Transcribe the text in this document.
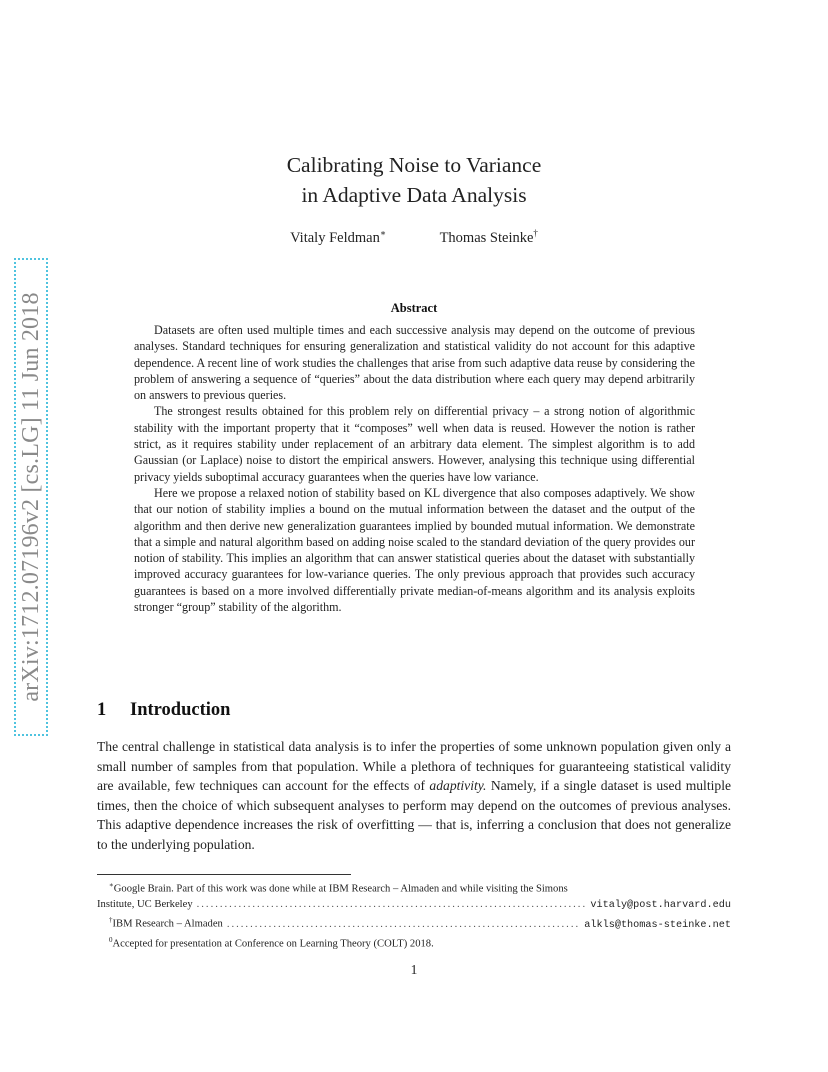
arXiv:1712.07196v2 [cs.LG] 11 Jun 2018
Calibrating Noise to Variance
in Adaptive Data Analysis
Vitaly Feldman∗	Thomas Steinke†
Abstract

Datasets are often used multiple times and each successive analysis may depend on the outcome of previous analyses. Standard techniques for ensuring generalization and statistical validity do not account for this adaptive dependence. A recent line of work studies the challenges that arise from such adaptive data reuse by considering the problem of answering a sequence of “queries” about the data distribution where each query may depend arbitrarily on answers to previous queries.

The strongest results obtained for this problem rely on differential privacy – a strong notion of algorithmic stability with the important property that it “composes” well when data is reused. However the notion is rather strict, as it requires stability under replacement of an arbitrary data element. The simplest algorithm is to add Gaussian (or Laplace) noise to distort the empirical answers. However, analysing this technique using differential privacy yields suboptimal accuracy guarantees when the queries have low variance.

Here we propose a relaxed notion of stability based on KL divergence that also composes adaptively. We show that our notion of stability implies a bound on the mutual information between the dataset and the output of the algorithm and then derive new generalization guarantees implied by bounded mutual information. We demonstrate that a simple and natural algorithm based on adding noise scaled to the standard deviation of the query provides our notion of stability. This implies an algorithm that can answer statistical queries about the dataset with substantially improved accuracy guarantees for low-variance queries. The only previous approach that provides such accuracy guarantees is based on a more involved differentially private median-of-means algorithm and its analysis exploits stronger “group” stability of the algorithm.

1 Introduction

The central challenge in statistical data analysis is to infer the properties of some unknown population given only a small number of samples from that population. While a plethora of techniques for guaranteeing statistical validity are available, few techniques can account for the effects of adaptivity. Namely, if a single dataset is used multiple times, then the choice of which subsequent analyses to perform may depend on the outcomes of previous analyses. This adaptive dependence increases the risk of overfitting — that is, inferring a conclusion that does not generalize to the underlying population.

∗Google Brain. Part of this work was done while at IBM Research – Almaden and while visiting the Simons
Institute, UC Berkeley .....	vitaly@post.harvard.edu
†IBM Research – Almaden .....	alkls@thomas-steinke.net
$^0$Accepted for presentation at Conference on Learning Theory (COLT) 2018.
1
